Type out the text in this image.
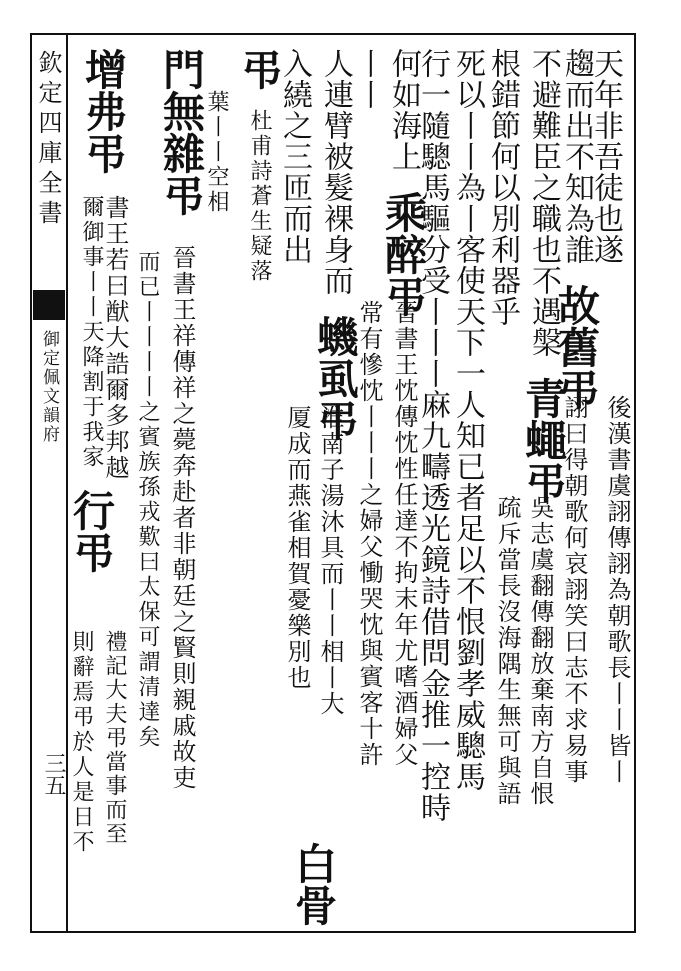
欽定四庫全書
御定佩文韻府
三五
天年非吾徒也遂
趨而出不知為誰 故舊弔
後漢書虞詡傳詡為朝歌長丨丨皆丨
詡曰得朝歌何哀詡笑曰志不求易事
不避難臣之職也不遇槃 青蠅弔
根錯節何以別利器乎
吳志虞翻傳翻放棄南方自恨
疏斥當長沒海隅生無可與語
死以丨丨為丨客使天下一人知已者足以不恨劉孝威驄馬
行一隨驄馬驅分受丨丨丨麻九疇透光鏡詩借問金推一控時
何如海上 乘醉弔
晉書王忱傳忱性任達不拘末年尤嗜酒婦父
常有慘忱丨丨丨之婦父慟哭忱與賓客十許
丨丨
人連臂被髮裸身而 蟣虱弔
入繞之三匝而出
淮南子湯沐具而丨丨相丨大
厦成而燕雀相賀憂樂別也
白骨
弔 杜甫詩蒼生疑落
葉丨丨空相
門無雜弔
晉書王祥傳祥之薨奔赴者非朝廷之賢則親戚故吏
而已丨丨丨丨之賓族孫戎歎曰太保可謂清達矣
增弗弔
書王若曰猷大誥爾多邦越
爾御事丨丨天降割于我家 行弔
禮記大夫弔當事而至
則辭焉弔於人是日不
